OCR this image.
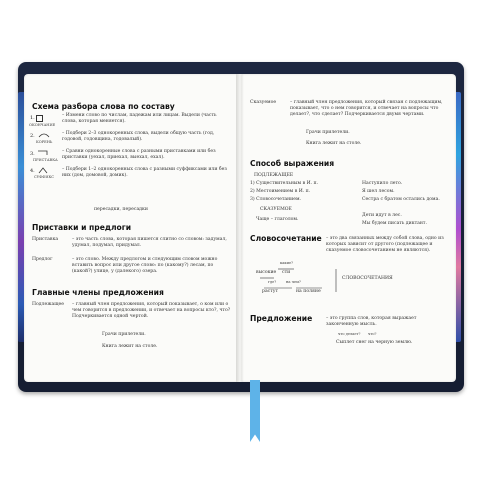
Схема разбора слова по составу
1.
ОКОНЧАНИЕ
– Измени слово по числам, падежам или лицам. Выдели (часть слова, которая меняется).
2.
КОРЕНЬ
– Подбери 2–3 однокоренных слова, выдели общую часть (год, годовой, годовщина, годовалый).
3.
ПРИСТАВКА
– Сравни однокоренные слова с разными приставками или без приставки (уехал, приехал, выехал, ехал).
4.
СУФФИКС
– Подбери 1–2 однокоренных слова с разными суффиксами или без них (дом, домовой, домик).
пересадки, пересадки
Приставки и предлоги
Приставка	– это часть слова, которая пишется слитно со словом: задумал, удумал, подумал, придумал.
Предлог	– это слово. Между предлогом и следующим словом можно вставить вопрос или другое слово: по (какому?) лесам, по (какой?) улице, у (далекого) озера.
Главные члены предложения
Подлежащее – главный член предложения, который показывает, о ком или о чем говорится в предложении, и отвечает на вопросы кто?, что? Подчеркивается одной чертой.
Грачи прилетели.
Книга лежит на столе.
Сказуемое	– главный член предложения, который связан с подлежащим, показывает, что о нем говорится, и отвечает на вопросы что делает?, что сделает? Подчеркивается двумя чертами.
Грачи прилетели.
Книга лежит на столе.
Способ выражения
ПОДЛЕЖАЩЕЕ
1) Существительным в И. п.	Наступило лето.
2) Местоимением в И. п.	Я шел лесом.
3) Словосочетанием.	Сестра с братом остались дома.
СКАЗУЕМОЕ
Чаще – глаголом.
Дети идут в лес.
Мы будем писать диктант.
Словосочетание – это два связанных между собой слова, одно из которых зависит от другого (подлежащее и сказуемое словосочетанием не являются).
какие?
высокие сти
где?	на чем?
растут	на поляне
СЛОВОСОЧЕТАНИЯ
Предложение	– это группа слов, которая выражает законченную мысль.
что делает? что?
Сыплет снег на черную землю.
